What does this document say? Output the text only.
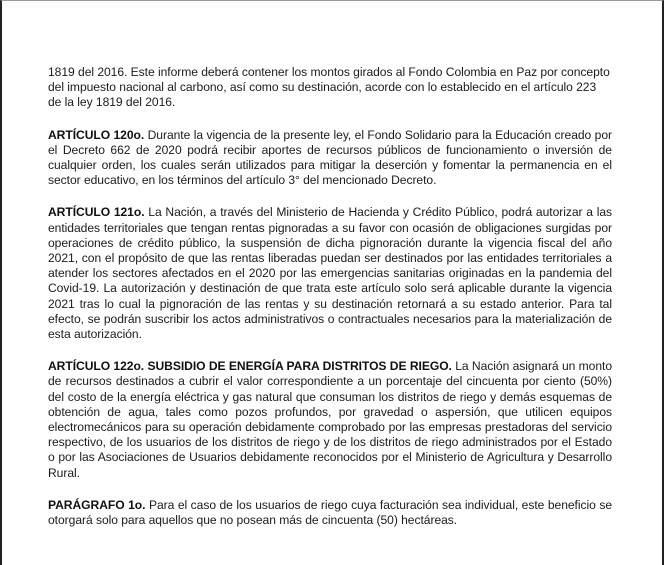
1819 del 2016. Este informe deberá contener los montos girados al Fondo Colombia en Paz por concepto del impuesto nacional al carbono, así como su destinación, acorde con lo establecido en el artículo 223 de la ley 1819 del 2016.

ARTÍCULO 120o. Durante la vigencia de la presente ley, el Fondo Solidario para la Educación creado por el Decreto 662 de 2020 podrá recibir aportes de recursos públicos de funcionamiento o inversión de cualquier orden, los cuales serán utilizados para mitigar la deserción y fomentar la permanencia en el sector educativo, en los términos del artículo 3° del mencionado Decreto.

ARTÍCULO 121o. La Nación, a través del Ministerio de Hacienda y Crédito Público, podrá autorizar a las entidades territoriales que tengan rentas pignoradas a su favor con ocasión de obligaciones surgidas por operaciones de crédito público, la suspensión de dicha pignoración durante la vigencia fiscal del año 2021, con el propósito de que las rentas liberadas puedan ser destinados por las entidades territoriales a atender los sectores afectados en el 2020 por las emergencias sanitarias originadas en la pandemia del Covid-19. La autorización y destinación de que trata este artículo solo será aplicable durante la vigencia 2021 tras lo cual la pignoración de las rentas y su destinación retornará a su estado anterior. Para tal efecto, se podrán suscribir los actos administrativos o contractuales necesarios para la materialización de esta autorización.

ARTÍCULO 122o. SUBSIDIO DE ENERGÍA PARA DISTRITOS DE RIEGO. La Nación asignará un monto de recursos destinados a cubrir el valor correspondiente a un porcentaje del cincuenta por ciento (50%) del costo de la energía eléctrica y gas natural que consuman los distritos de riego y demás esquemas de obtención de agua, tales como pozos profundos, por gravedad o aspersión, que utilicen equipos electromecánicos para su operación debidamente comprobado por las empresas prestadoras del servicio respectivo, de los usuarios de los distritos de riego y de los distritos de riego administrados por el Estado o por las Asociaciones de Usuarios debidamente reconocidos por el Ministerio de Agricultura y Desarrollo Rural.

PARÁGRAFO 1o. Para el caso de los usuarios de riego cuya facturación sea individual, este beneficio se otorgará solo para aquellos que no posean más de cincuenta (50) hectáreas.
